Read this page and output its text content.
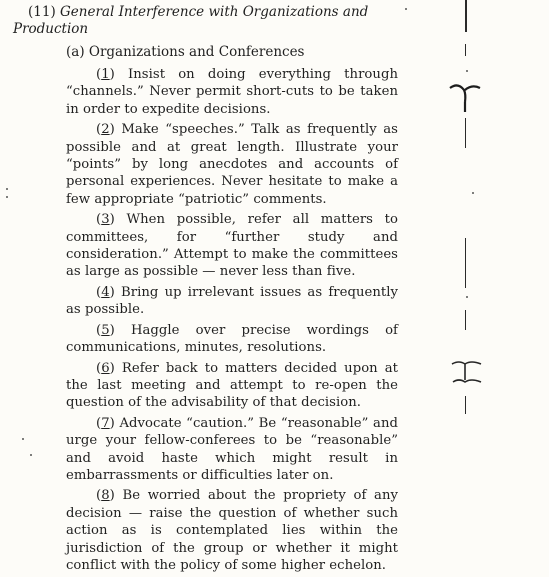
(11) General Interference with Organizations and
Production
(a) Organizations and Conferences

(1) Insist on doing everything through “channels.” Never permit short-cuts to be taken in order to expedite decisions.

(2) Make “speeches.” Talk as frequently as possible and at great length. Illustrate your “points” by long anecdotes and accounts of personal experiences. Never hesitate to make a few appropriate “patriotic” comments.

(3) When possible, refer all matters to committees, for “further study and consideration.” Attempt to make the committees as large as possible — never less than five.

(4) Bring up irrelevant issues as frequently as possible.

(5) Haggle over precise wordings of communications, minutes, resolutions.

(6) Refer back to matters decided upon at the last meeting and attempt to re-open the question of the advisability of that decision.

(7) Advocate “caution.” Be “reasonable” and urge your fellow-conferees to be “reasonable” and avoid haste which might result in embarrassments or difficulties later on.

(8) Be worried about the propriety of any decision — raise the question of whether such action as is contemplated lies within the jurisdiction of the group or whether it might conflict with the policy of some higher echelon.
